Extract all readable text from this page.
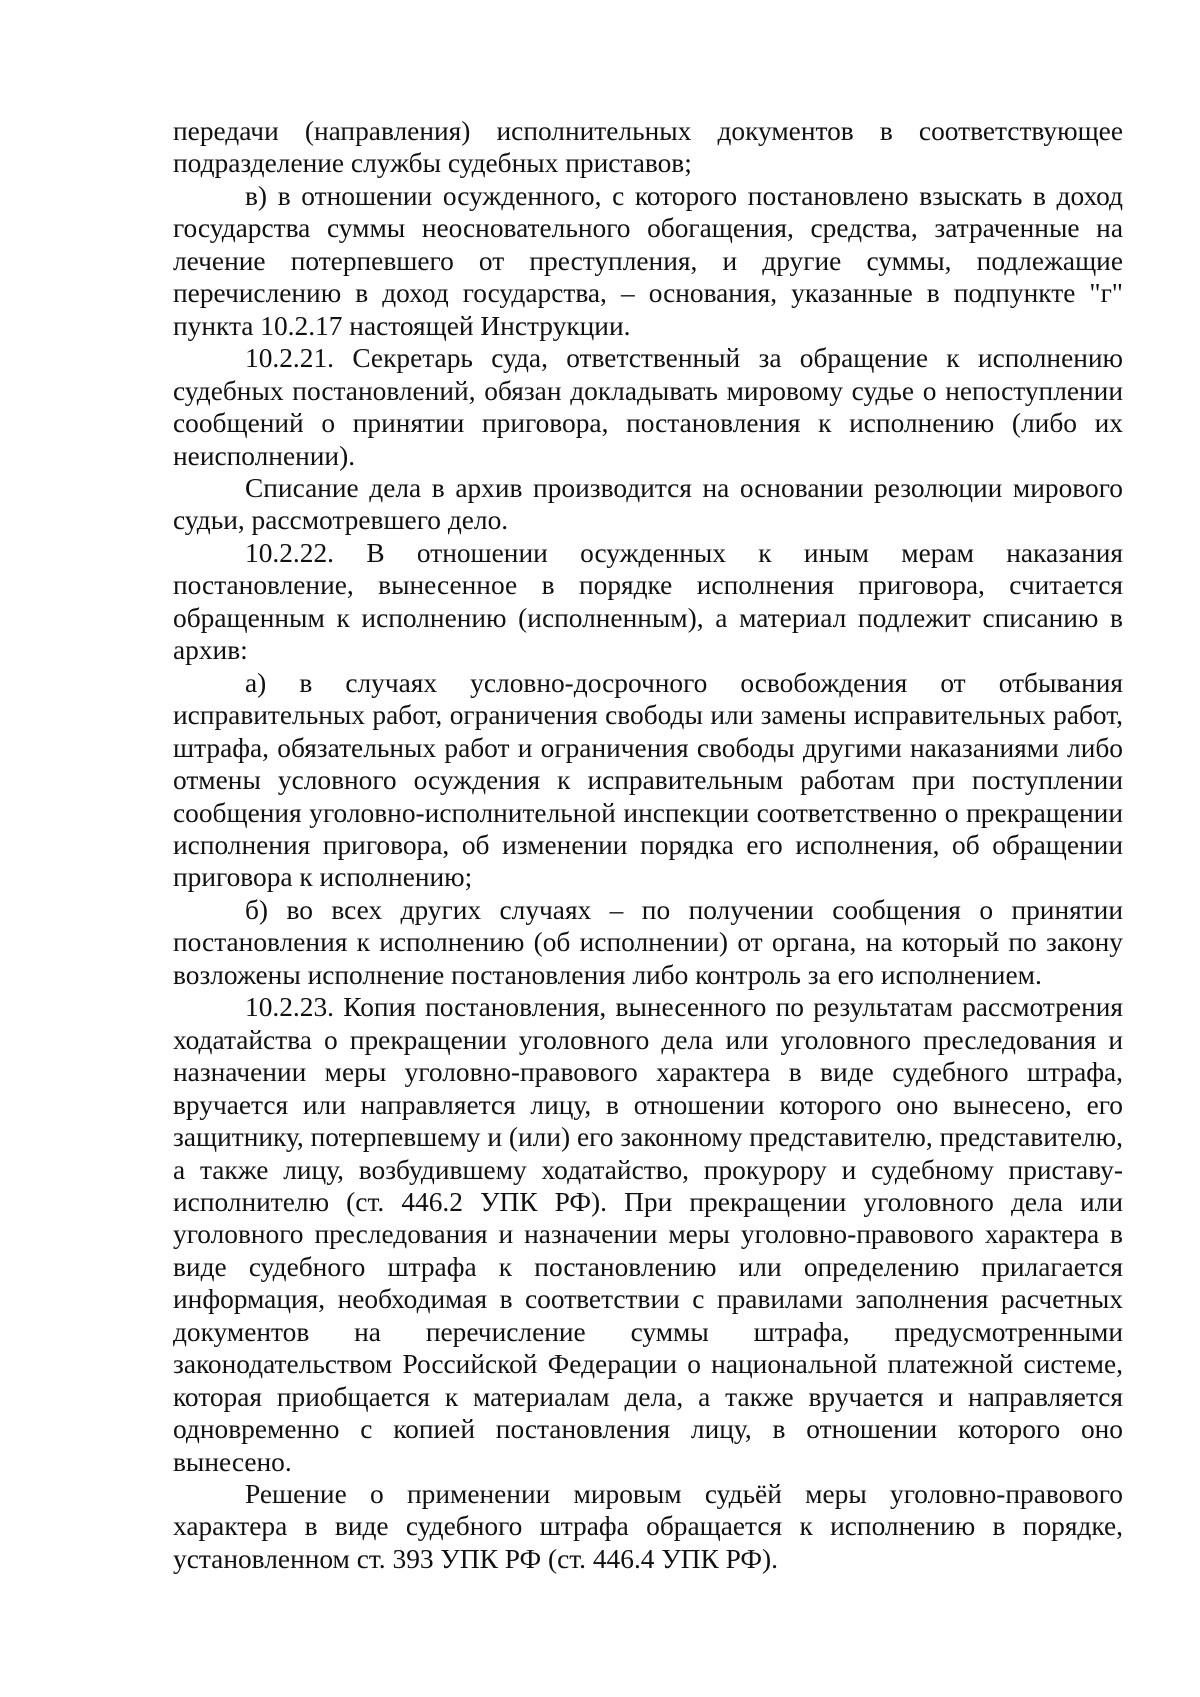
передачи (направления) исполнительных документов в соответствующее подразделение службы судебных приставов;

в) в отношении осужденного, с которого постановлено взыскать в доход государства суммы неосновательного обогащения, средства, затраченные на лечение потерпевшего от преступления, и другие суммы, подлежащие перечислению в доход государства, – основания, указанные в подпункте "г" пункта 10.2.17 настоящей Инструкции.

10.2.21. Секретарь суда, ответственный за обращение к исполнению судебных постановлений, обязан докладывать мировому судье о непоступлении сообщений о принятии приговора, постановления к исполнению (либо их неисполнении).

Списание дела в архив производится на основании резолюции мирового судьи, рассмотревшего дело.

10.2.22. В отношении осужденных к иным мерам наказания постановление, вынесенное в порядке исполнения приговора, считается обращенным к исполнению (исполненным), а материал подлежит списанию в архив:

а) в случаях условно-досрочного освобождения от отбывания исправительных работ, ограничения свободы или замены исправительных работ, штрафа, обязательных работ и ограничения свободы другими наказаниями либо отмены условного осуждения к исправительным работам при поступлении сообщения уголовно-исполнительной инспекции соответственно о прекращении исполнения приговора, об изменении порядка его исполнения, об обращении приговора к исполнению;

б) во всех других случаях – по получении сообщения о принятии постановления к исполнению (об исполнении) от органа, на который по закону возложены исполнение постановления либо контроль за его исполнением.

10.2.23. Копия постановления, вынесенного по результатам рассмотрения ходатайства о прекращении уголовного дела или уголовного преследования и назначении меры уголовно-правового характера в виде судебного штрафа, вручается или направляется лицу, в отношении которого оно вынесено, его защитнику, потерпевшему и (или) его законному представителю, представителю, а также лицу, возбудившему ходатайство, прокурору и судебному приставу-исполнителю (ст. 446.2 УПК РФ). При прекращении уголовного дела или уголовного преследования и назначении меры уголовно-правового характера в виде судебного штрафа к постановлению или определению прилагается информация, необходимая в соответствии с правилами заполнения расчетных документов на перечисление суммы штрафа, предусмотренными законодательством Российской Федерации о национальной платежной системе, которая приобщается к материалам дела, а также вручается и направляется одновременно с копией постановления лицу, в отношении которого оно вынесено.

Решение о применении мировым судьёй меры уголовно-правового характера в виде судебного штрафа обращается к исполнению в порядке, установленном ст. 393 УПК РФ (ст. 446.4 УПК РФ).
